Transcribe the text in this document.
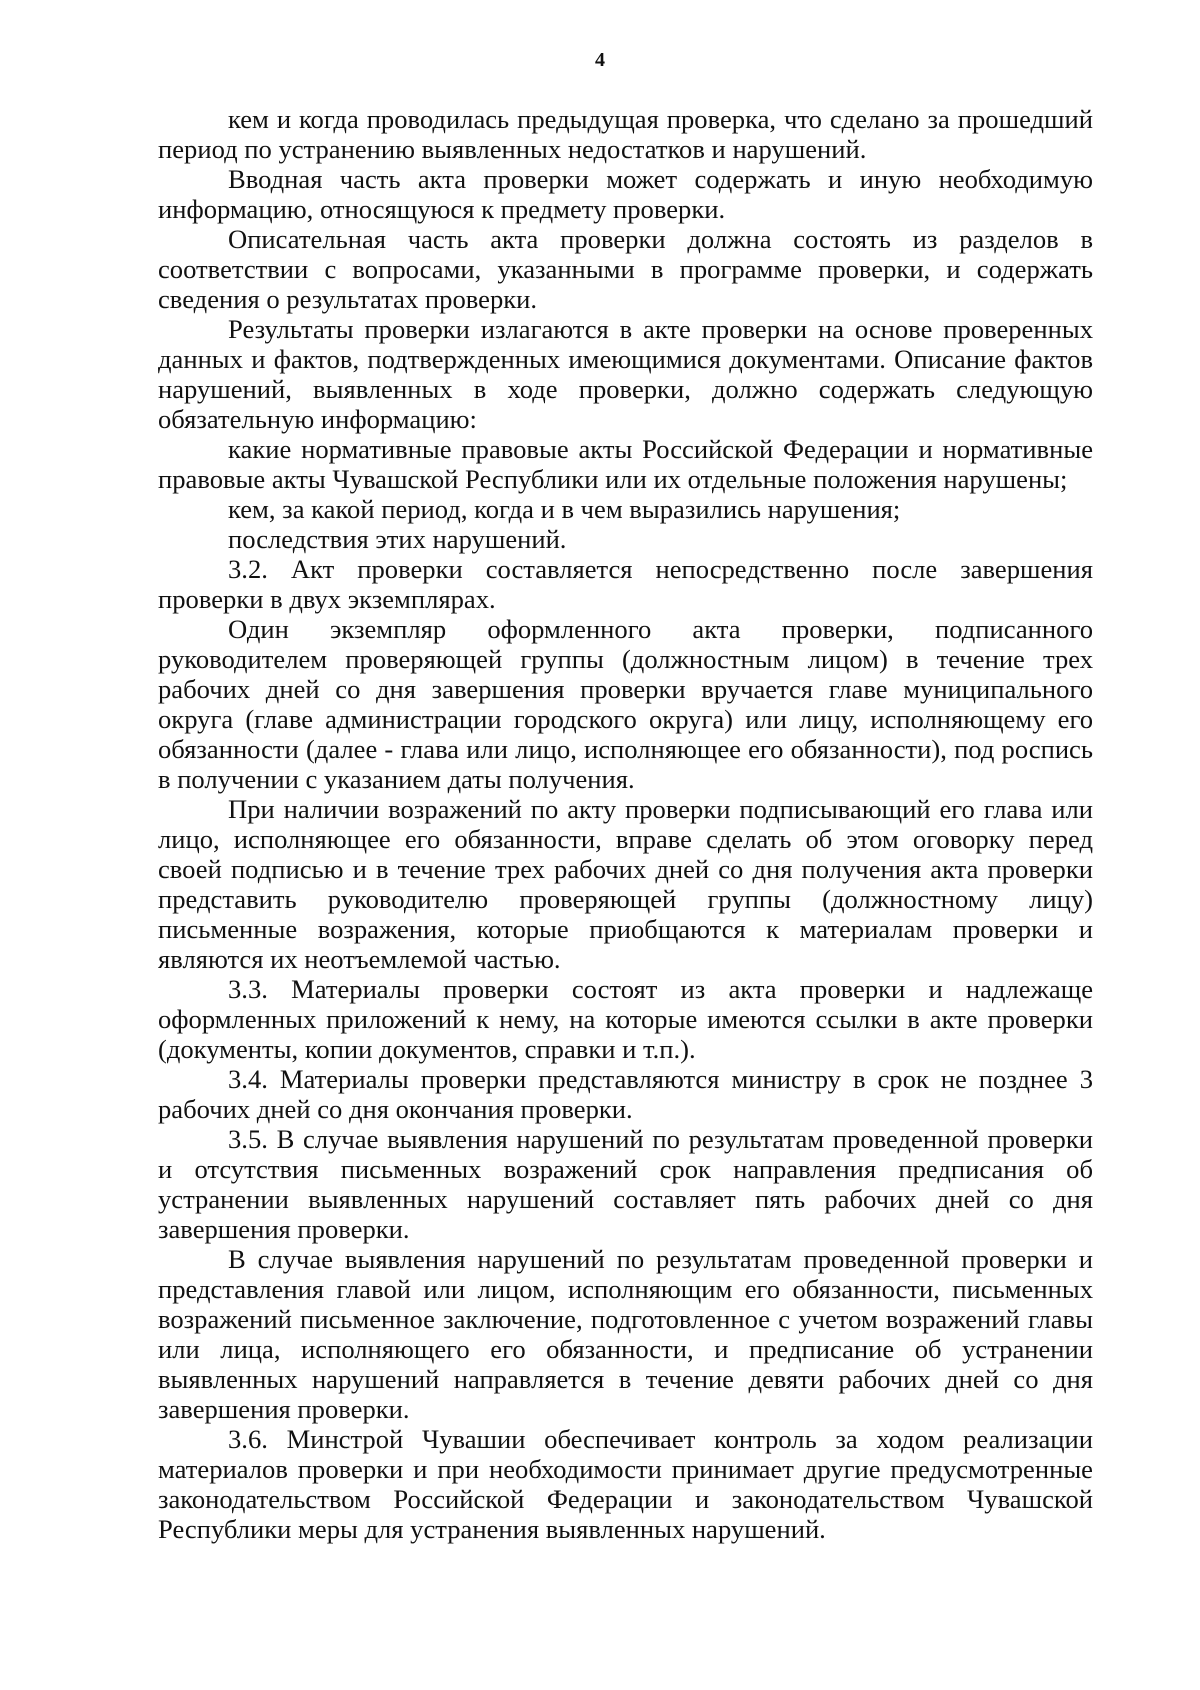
4

кем и когда проводилась предыдущая проверка, что сделано за прошедший период по устранению выявленных недостатков и нарушений.

Вводная часть акта проверки может содержать и иную необходимую информацию, относящуюся к предмету проверки.

Описательная часть акта проверки должна состоять из разделов в соответствии с вопросами, указанными в программе проверки, и содержать сведения о результатах проверки.

Результаты проверки излагаются в акте проверки на основе проверенных данных и фактов, подтвержденных имеющимися документами. Описание фактов нарушений, выявленных в ходе проверки, должно содержать следующую обязательную информацию:

какие нормативные правовые акты Российской Федерации и нормативные правовые акты Чувашской Республики или их отдельные положения нарушены;

кем, за какой период, когда и в чем выразились нарушения;

последствия этих нарушений.

3.2. Акт проверки составляется непосредственно после завершения проверки в двух экземплярах.

Один экземпляр оформленного акта проверки, подписанного руководителем проверяющей группы (должностным лицом) в течение трех рабочих дней со дня завершения проверки вручается главе муниципального округа (главе администрации городского округа) или лицу, исполняющему его обязанности (далее - глава или лицо, исполняющее его обязанности), под роспись в получении с указанием даты получения.

При наличии возражений по акту проверки подписывающий его глава или лицо, исполняющее его обязанности, вправе сделать об этом оговорку перед своей подписью и в течение трех рабочих дней со дня получения акта проверки представить руководителю проверяющей группы (должностному лицу) письменные возражения, которые приобщаются к материалам проверки и являются их неотъемлемой частью.

3.3. Материалы проверки состоят из акта проверки и надлежаще оформленных приложений к нему, на которые имеются ссылки в акте проверки (документы, копии документов, справки и т.п.).

3.4. Материалы проверки представляются министру в срок не позднее 3 рабочих дней со дня окончания проверки.

3.5. В случае выявления нарушений по результатам проведенной проверки и отсутствия письменных возражений срок направления предписания об устранении выявленных нарушений составляет пять рабочих дней со дня завершения проверки.

В случае выявления нарушений по результатам проведенной проверки и представления главой или лицом, исполняющим его обязанности, письменных возражений письменное заключение, подготовленное с учетом возражений главы или лица, исполняющего его обязанности, и предписание об устранении выявленных нарушений направляется в течение девяти рабочих дней со дня завершения проверки.

3.6. Минстрой Чувашии обеспечивает контроль за ходом реализации материалов проверки и при необходимости принимает другие предусмотренные законодательством Российской Федерации и законодательством Чувашской Республики меры для устранения выявленных нарушений.
